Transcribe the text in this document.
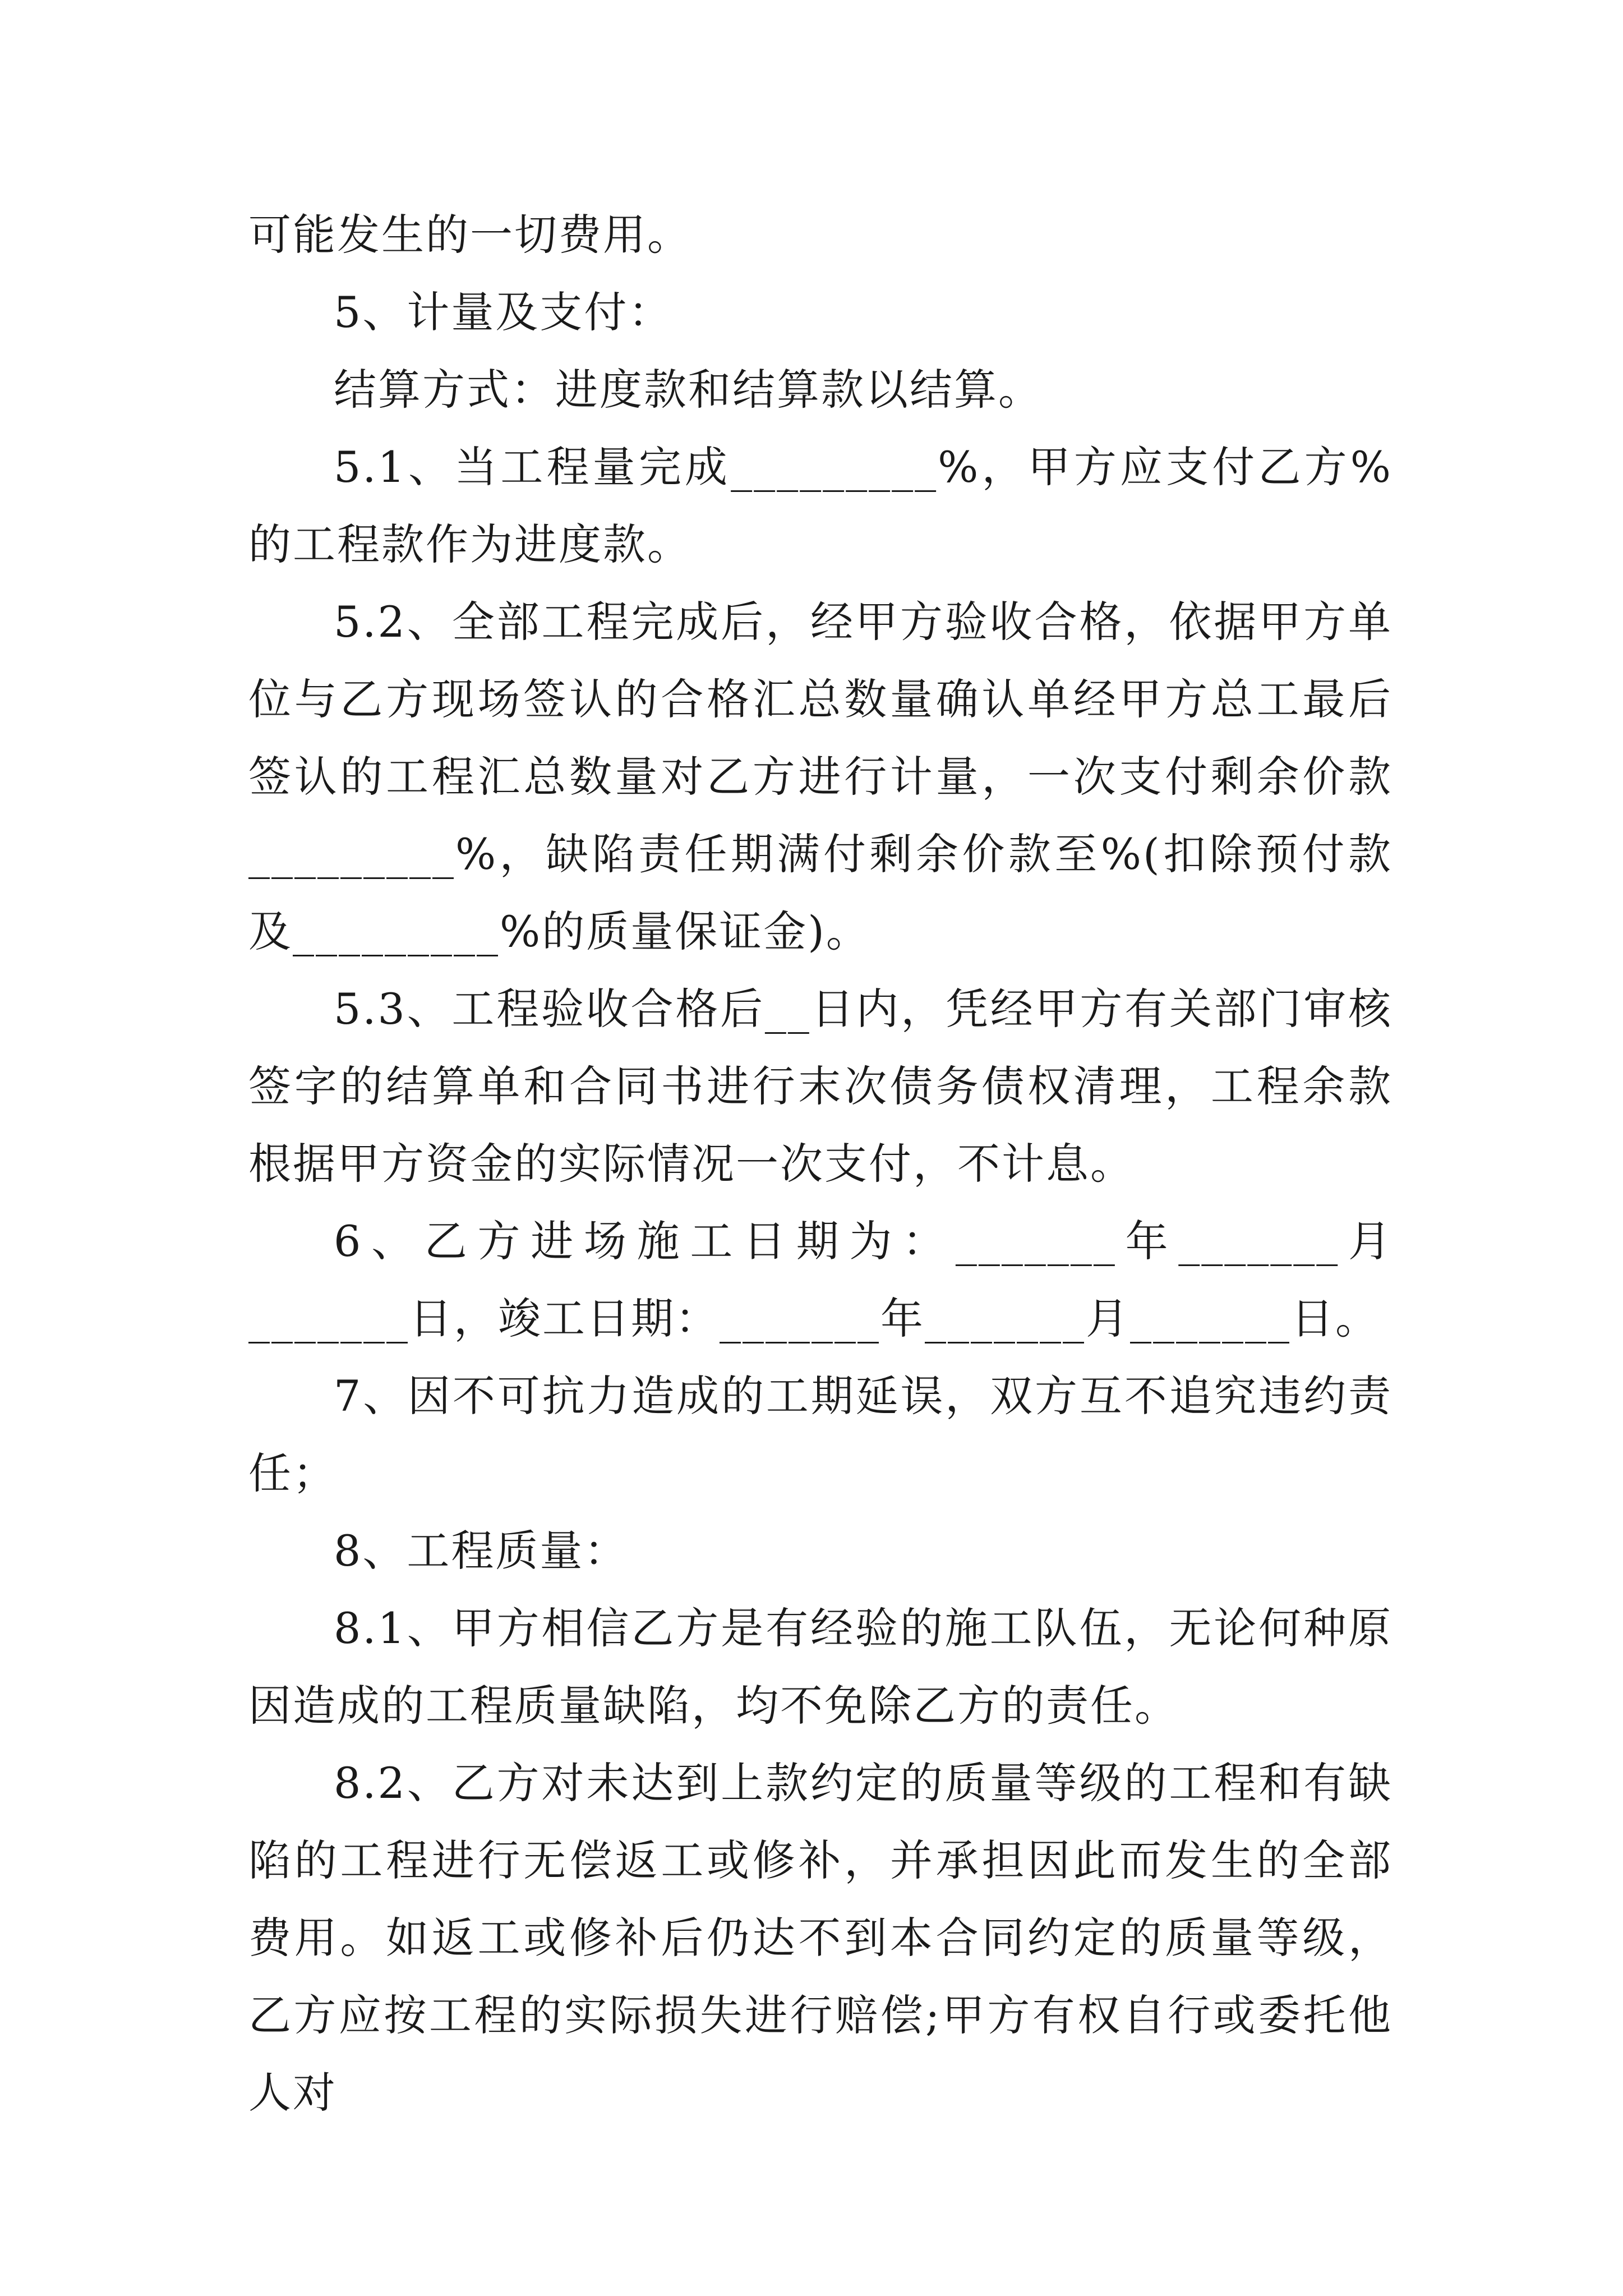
可能发生的一切费用。

5、计量及支付：

结算方式：进度款和结算款以结算。

5.1、当工程量完成_________%，甲方应支付乙方%的工程款作为进度款。

5.2、全部工程完成后，经甲方验收合格，依据甲方单位与乙方现场签认的合格汇总数量确认单经甲方总工最后签认的工程汇总数量对乙方进行计量，一次支付剩余价款_________%，缺陷责任期满付剩余价款至%(扣除预付款及_________%的质量保证金)。

5.3、工程验收合格后__日内，凭经甲方有关部门审核签字的结算单和合同书进行末次债务债权清理，工程余款根据甲方资金的实际情况一次支付，不计息。

6、乙方进场施工日期为：_______年_______月_______日，竣工日期：_______年_______月_______日。

7、因不可抗力造成的工期延误，双方互不追究违约责任；

8、工程质量：

8.1、甲方相信乙方是有经验的施工队伍，无论何种原因造成的工程质量缺陷，均不免除乙方的责任。

8.2、乙方对未达到上款约定的质量等级的工程和有缺陷的工程进行无偿返工或修补，并承担因此而发生的全部费用。如返工或修补后仍达不到本合同约定的质量等级，乙方应按工程的实际损失进行赔偿;甲方有权自行或委托他人对
